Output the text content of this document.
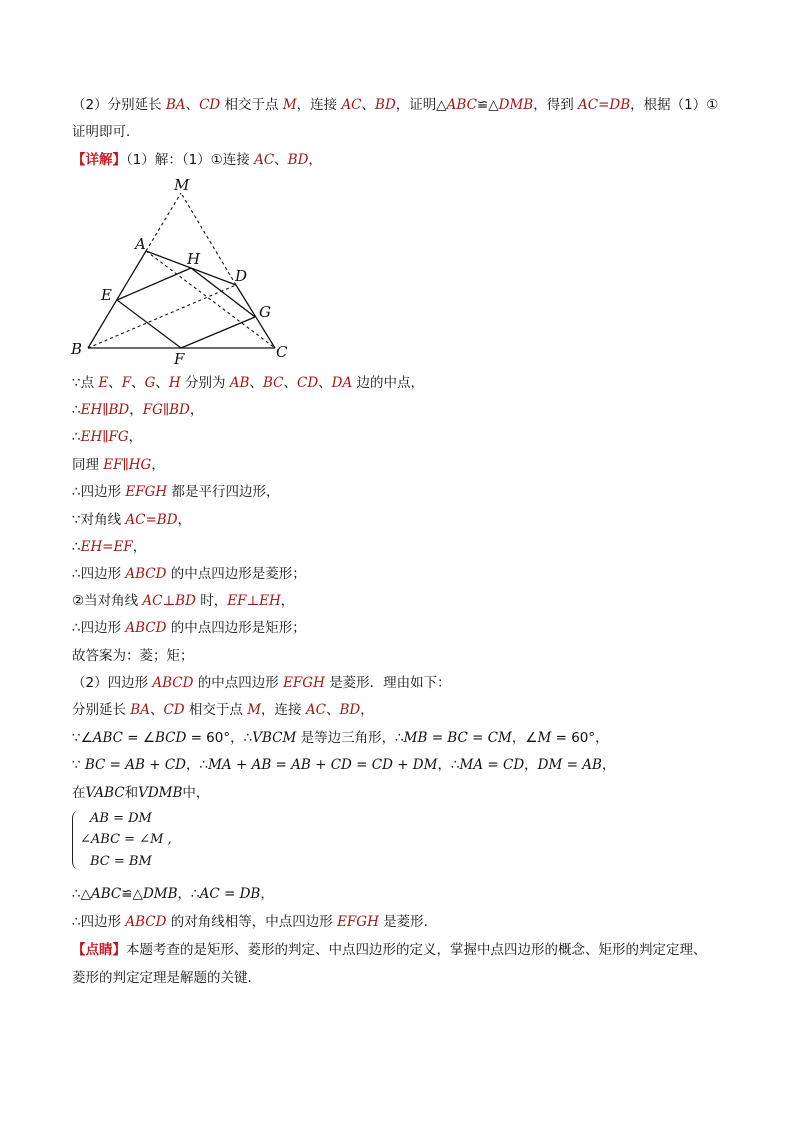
（2）分别延长 BA、CD 相交于点 M，连接 AC、BD，证明△ABC≌△DMB，得到 AC=DB，根据（1）①
证明即可．
【详解】（1）解：（1）①连接 AC、BD，
M
A
H
D
E
G
B
F	C
∵点 E、F、G、H 分别为 AB、BC、CD、DA 边的中点，
∴EH∥BD，FG∥BD，
∴EH∥FG，
同理 EF∥HG，
∴四边形 EFGH 都是平行四边形，
∵对角线 AC=BD，
∴EH=EF，
∴四边形 ABCD 的中点四边形是菱形；
②当对角线 AC⊥BD 时，EF⊥EH，
∴四边形 ABCD 的中点四边形是矩形；
故答案为：菱；矩；
（2）四边形 ABCD 的中点四边形 EFGH 是菱形．理由如下：
分别延长 BA、CD 相交于点 M，连接 AC、BD，
∵∠ABC = ∠BCD = 60°，∴VBCM 是等边三角形，∴MB = BC = CM，∠M = 60°，
∵ BC = AB + CD，∴MA + AB = AB + CD = CD + DM，∴MA = CD，DM = AB，
在VABC和VDMB中，
AB = DM
∠ABC = ∠M ,
BC = BM
∴△ABC≌△DMB，∴AC = DB，
∴四边形 ABCD 的对角线相等，中点四边形 EFGH 是菱形．
【点睛】本题考查的是矩形、菱形的判定、中点四边形的定义，掌握中点四边形的概念、矩形的判定定理、
菱形的判定定理是解题的关键．
